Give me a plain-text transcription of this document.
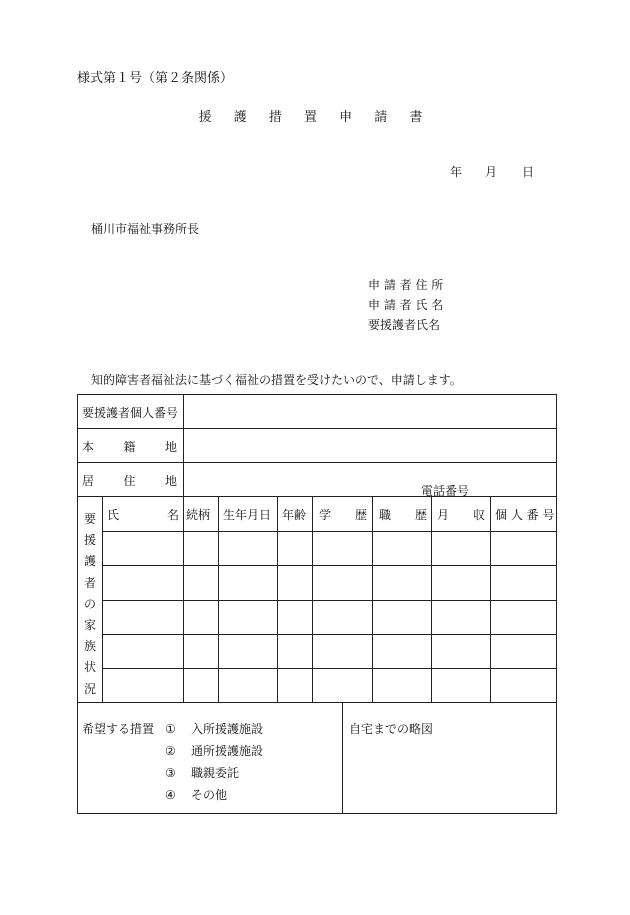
様式第１号（第２条関係）
援 護 措 置 申 請 書
年 月 日
桶川市福祉事務所長
申 請 者 住 所
申 請 者 氏 名
要援護者氏名
知的障害者福祉法に基づく福祉の措置を受けたいので、申請します。
要援護者個人番号
本 籍 地
居 住 地
電話番号
要
援
護
者
の
家
族
状
況
氏	名 続柄 生年月日 年齢 学 歴 職 歴 月 収 個 人 番 号
希望する措置 ① 入所援護施設
② 通所援護施設
③ 職親委託
④ その他
自宅までの略図
